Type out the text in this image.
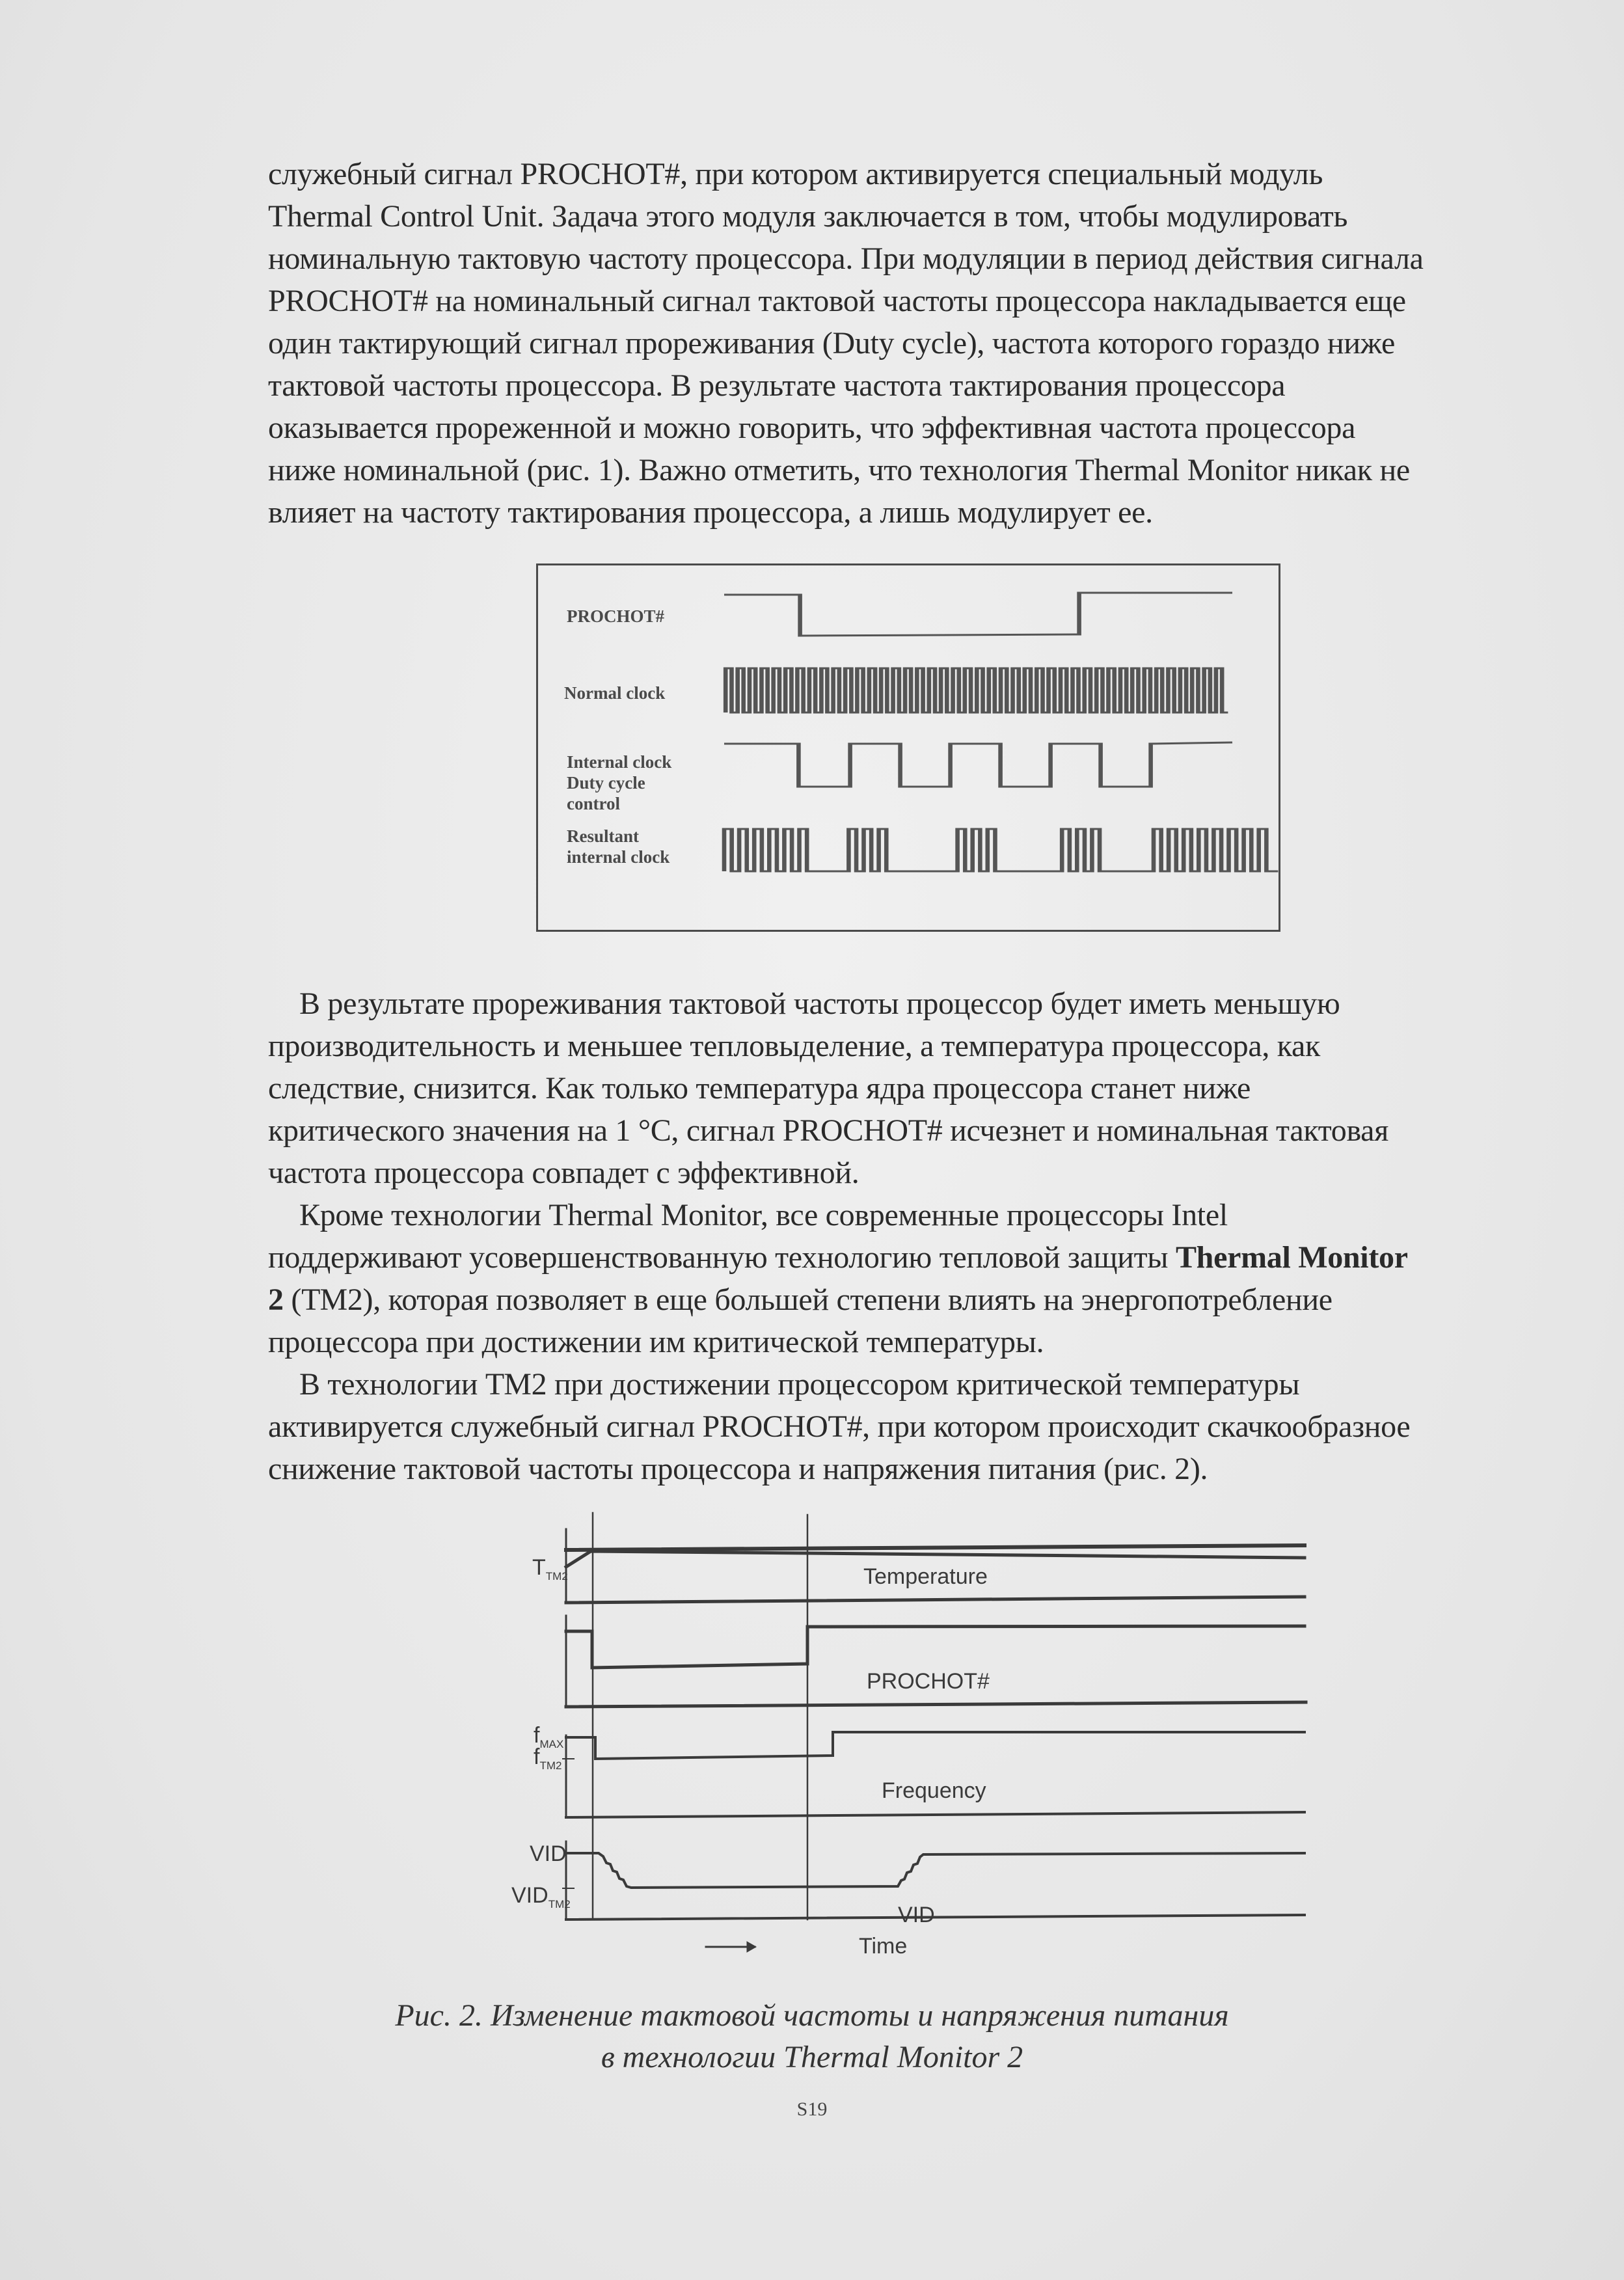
служебный сигнал PROCHOT#, при котором активируется специальный модуль
Thermal Control Unit. Задача этого модуля заключается в том, чтобы модулировать
номинальную тактовую частоту процессора. При модуляции в период действия сигнала
PROCHOT# на номинальный сигнал тактовой частоты процессора накладывается еще
один тактирующий сигнал прореживания (Duty cycle), частота которого гораздо ниже
тактовой частоты процессора. В результате частота тактирования процессора
оказывается прореженной и можно говорить, что эффективная частота процессора
ниже номинальной (рис. 1). Важно отметить, что технология Thermal Monitor никак не
влияет на частоту тактирования процессора, а лишь модулирует ее.
PROCHOT#
Normal clock
Internal clock
Duty cycle
control
Resultant
internal clock
В результате прореживания тактовой частоты процессор будет иметь меньшую
производительность и меньшее тепловыделение, а температура процессора, как
следствие, снизится. Как только температура ядра процессора станет ниже
критического значения на 1 °С, сигнал PROCHOT# исчезнет и номинальная тактовая
частота процессора совпадет с эффективной.
Кроме технологии Thermal Monitor, все современные процессоры Intel
поддерживают усовершенствованную технологию тепловой защиты Thermal Monitor
2 (ТМ2), которая позволяет в еще большей степени влиять на энергопотребление
процессора при достижении им критической температуры.
В технологии ТМ2 при достижении процессором критической температуры
активируется служебный сигнал PROCHOT#, при котором происходит скачкообразное
снижение тактовой частоты процессора и напряжения питания (рис. 2).
$T_{TM2}$	Temperature
PROCHOT#
$f_{MAX}$
$f_{TM2}$
Frequency
VID
$VID_{TM2}$	VID
Time
Рис. 2. Изменение тактовой частоты и напряжения питания
в технологии Thermal Monitor 2
S19
